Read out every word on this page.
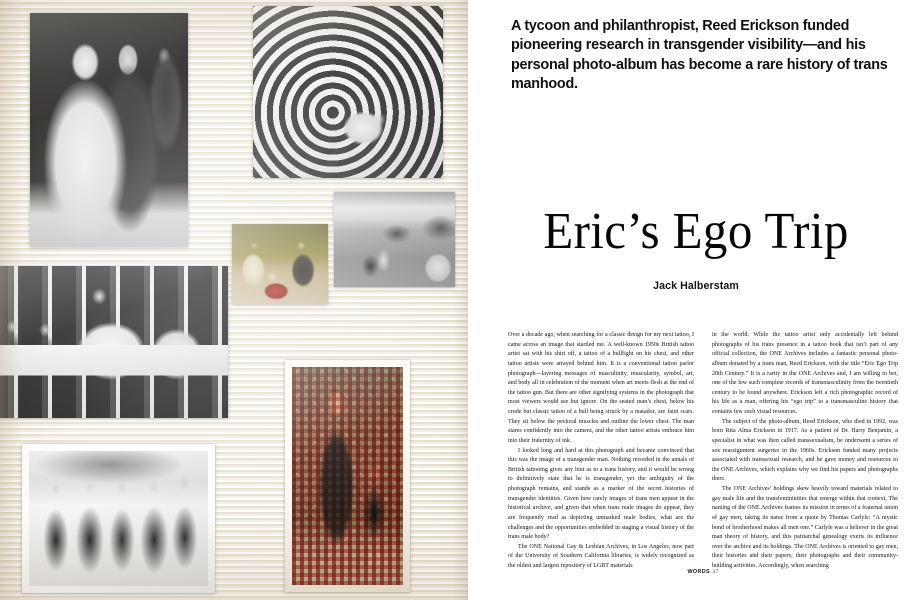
A tycoon and philanthropist, Reed Erickson funded pioneering research in transgender visibility—and his personal photo-album has become a rare history of trans manhood.
Eric’s Ego Trip
Jack Halberstam

Over a decade ago, when searching for a classic design for my next tattoo, I came across an image that startled me. A well-known 1950s British tattoo artist sat with his shirt off, a tattoo of a bullfight on his chest, and other tattoo artists were arrayed behind him. It is a conventional tattoo parlor photograph—layering messages of masculinity, muscularity, symbol, art, and body all in celebration of the moment when art meets flesh at the end of the tattoo gun. But there are other signifying systems in the photograph that most viewers would see but ignore. On the seated man’s chest, below his crude but classic tattoo of a bull being struck by a matador, are faint scars. They sit below the pectoral muscles and outline the lower chest. The man stares confidently into the camera, and the other tattoo artists embrace him into their fraternity of ink.

I looked long and hard at this photograph and became convinced that this was the image of a transgender man. Nothing recorded in the annals of British tattooing gives any hint as to a trans history, and it would be wrong to definitively state that he is transgender, yet the ambiguity of the photograph remains, and stands as a marker of the secret histories of transgender identities. Given how rarely images of trans men appear in the historical archive, and given that when trans male images do appear, they are frequently read as depicting unmarked male bodies, what are the challenges and the opportunities embedded in staging a visual history of the trans male body?

The ONE National Gay & Lesbian Archives, in Los Angeles, now part of the University of Southern California libraries, is widely recognized as the oldest and largest repository of LGBT materials

in the world. While the tattoo artist only accidentally left behind photographs of his trans presence in a tattoo book that isn’t part of any official collection, the ONE Archives includes a fantastic personal photo-album donated by a trans man, Reed Erickson, with the title “Eric Ego Trip 20th Century.” It is a rarity in the ONE Archives and, I am willing to bet, one of the few such complete records of transmasculinity from the twentieth century to be found anywhere. Erickson left a rich photographic record of his life as a man, offering his “ego trip” to a transmasculine history that contains few such visual resources.

The subject of the photo-album, Reed Erickson, who died in 1992, was born Rita Alma Erickson in 1917. As a patient of Dr. Harry Benjamin, a specialist in what was then called transsexualism, he underwent a series of sex reassignment surgeries in the 1960s. Erickson funded many projects associated with transsexual research, and he gave money and resources to the ONE Archives, which explains why we find his papers and photographs there.

The ONE Archives’ holdings skew heavily toward materials related to gay male life and the transfemininities that emerge within that context. The naming of the ONE Archives frames its mission in terms of a fraternal union of gay men, taking its name from a quote by Thomas Carlyle: “A mystic bond of brotherhood makes all men one.” Carlyle was a believer in the great man theory of history, and this patriarchal genealogy exerts its influence over the archive and its holdings. The ONE Archives is oriented to gay men, their histories and their papers, their photographs and their community-building activities. Accordingly, when searching

WORDS 37
